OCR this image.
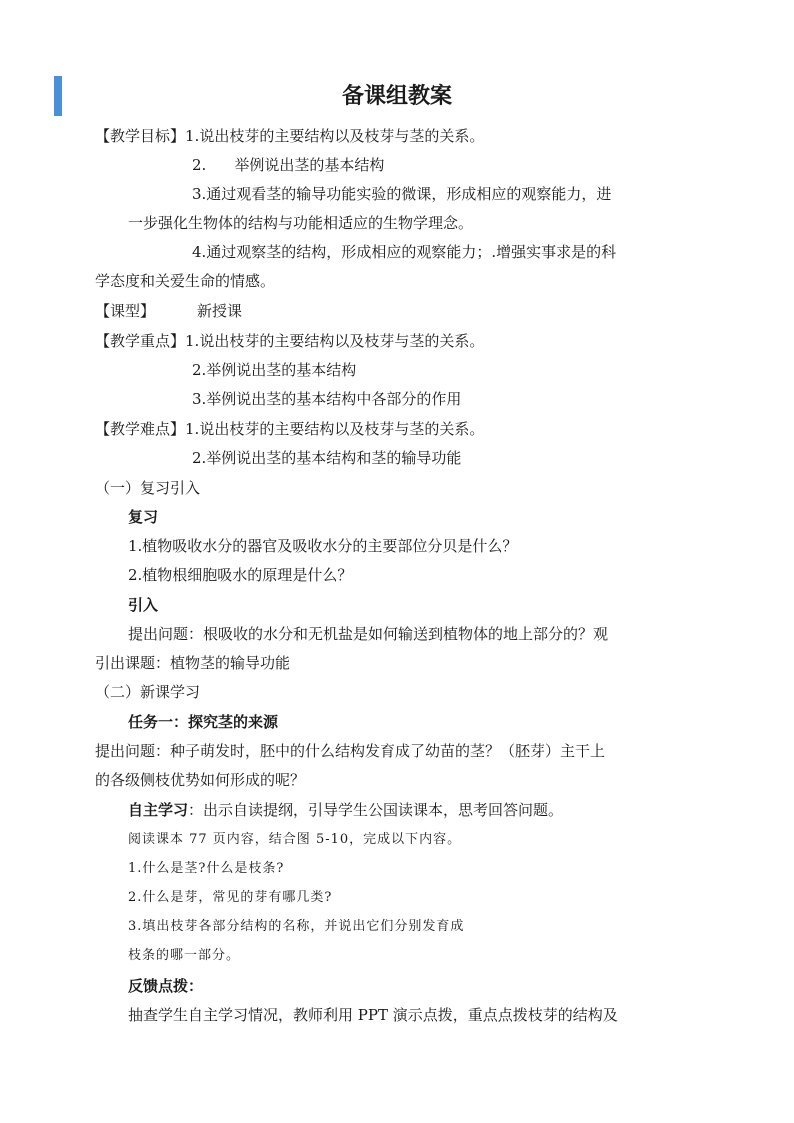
备课组教案
【教学目标】1.说出枝芽的主要结构以及枝芽与茎的关系。
2. 举例说出茎的基本结构
3.通过观看茎的输导功能实验的微课，形成相应的观察能力，进
一步强化生物体的结构与功能相适应的生物学理念。
4.通过观察茎的结构，形成相应的观察能力；.增强实事求是的科
学态度和关爱生命的情感。
【课型】	新授课
【教学重点】1.说出枝芽的主要结构以及枝芽与茎的关系。
2.举例说出茎的基本结构
3.举例说出茎的基本结构中各部分的作用
【教学难点】1.说出枝芽的主要结构以及枝芽与茎的关系。
2.举例说出茎的基本结构和茎的输导功能
（一）复习引入
复习
1.植物吸收水分的器官及吸收水分的主要部位分贝是什么？
2.植物根细胞吸水的原理是什么？
引入
提出问题：根吸收的水分和无机盐是如何输送到植物体的地上部分的？观
引出课题：植物茎的输导功能
（二）新课学习
任务一：探究茎的来源
提出问题：种子萌发时，胚中的什么结构发育成了幼苗的茎？（胚芽）主干上
的各级侧枝优势如何形成的呢？
自主学习：出示自读提纲，引导学生公国读课本，思考回答问题。
阅读课本 77 页内容，结合图 5-10，完成以下内容。
1.什么是茎?什么是枝条?
2.什么是芽，常见的芽有哪几类?
3.填出枝芽各部分结构的名称，并说出它们分别发育成
枝条的哪一部分。
反馈点拨：
抽查学生自主学习情况，教师利用 PPT 演示点拨，重点点拨枝芽的结构及
